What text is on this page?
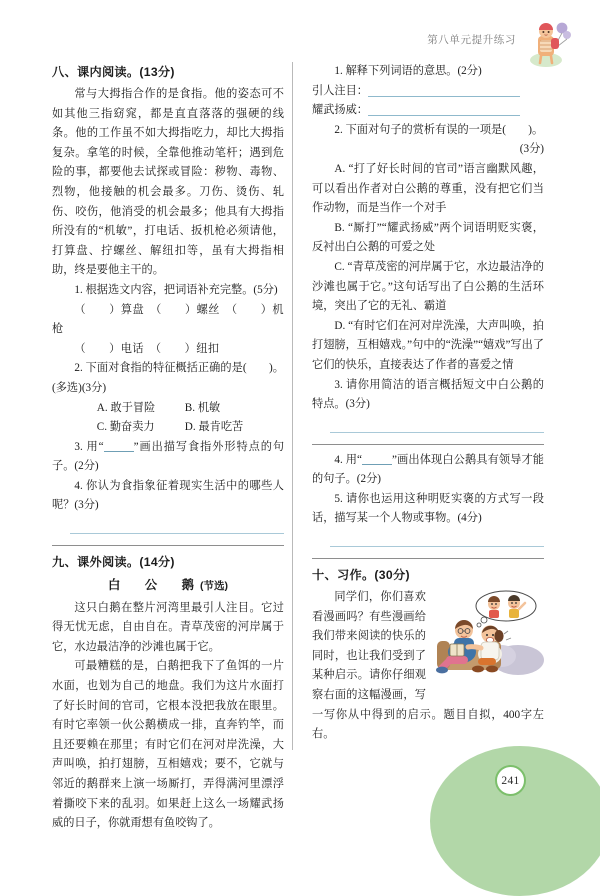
第八单元提升练习
八、课内阅读。(13分)

常与大拇指合作的是食指。他的姿态可不如其他三指窈窕，都是直直落落的强硬的线条。他的工作虽不如大拇指吃力，却比大拇指复杂。拿笔的时候，全靠他推动笔杆；遇到危险的事，都要他去试探或冒险：秽物、毒物、烈物，他接触的机会最多。刀伤、烫伤、轧伤、咬伤，他消受的机会最多；他具有大拇指所没有的“机敏”，打电话、扳机枪必须请他，打算盘、拧螺丝、解纽扣等，虽有大拇指相助，终是要他主干的。

1. 根据选文内容，把词语补充完整。(5分)

（　　）算盘　（　　）螺丝　（　　）机枪

（　　）电话　（　　）纽扣

2. 下面对食指的特征概括正确的是(　　)。(多选)(3分)

A. 敢于冒险	B. 机敏

C. 勤奋卖力	D. 最肯吃苦

3. 用“	”画出描写食指外形特点的句子。(2分)

4. 你认为食指象征着现实生活中的哪些人呢？(3分)

九、课外阅读。(14分)

白　公　鹅(节选)

这只白鹅在整片河湾里最引人注目。它过得无忧无虑，自由自在。青草茂密的河岸属于它，水边最洁净的沙滩也属于它。

可最糟糕的是，白鹅把我下了鱼饵的一片水面，也划为自己的地盘。我们为这片水面打了好长时间的官司，它根本没把我放在眼里。有时它率领一伙公鹅横成一排，直奔钓竿，而且还要赖在那里；有时它们在河对岸洗澡，大声叫唤，拍打翅膀，互相嬉戏；要不，它就与邻近的鹅群来上演一场厮打，弄得满河里漂浮着撕咬下来的乱羽。如果赶上这么一场耀武扬威的日子，你就甭想有鱼咬钩了。

1. 解释下列词语的意思。(2分)

引人注目：

耀武扬威：

2. 下面对句子的赏析有误的一项是(　　)。

(3分)

A. “打了好长时间的官司”语言幽默风趣，可以看出作者对白公鹅的尊重，没有把它们当作动物，而是当作一个对手

B. “厮打”“耀武扬威”两个词语明贬实褒，反衬出白公鹅的可爱之处

C. “青草茂密的河岸属于它，水边最洁净的沙滩也属于它。”这句话写出了白公鹅的生活环境，突出了它的无礼、霸道

D. “有时它们在河对岸洗澡，大声叫唤，拍打翅膀，互相嬉戏。”句中的“洗澡”“嬉戏”写出了它们的快乐，直接表达了作者的喜爱之情

3. 请你用简洁的语言概括短文中白公鹅的特点。(3分)

4. 用“	”画出体现白公鹅具有领导才能的句子。(2分)

5. 请你也运用这种明贬实褒的方式写一段话，描写某一个人物或事物。(4分)

十、习作。(30分)

同学们，你们喜欢看漫画吗？有些漫画给我们带来阅读的快乐的同时，也让我们受到了某种启示。请你仔细观察右面的这幅漫画，写一写你从中得到的启示。题目自拟，400字左右。

241
